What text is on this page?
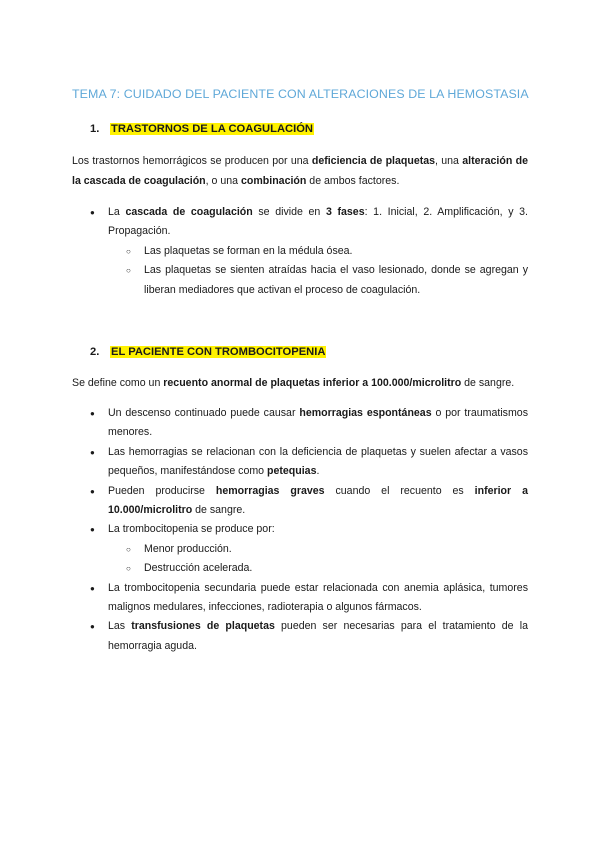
TEMA 7: CUIDADO DEL PACIENTE CON ALTERACIONES DE LA HEMOSTASIA
1.	TRASTORNOS DE LA COAGULACIÓN

Los trastornos hemorrágicos se producen por una deficiencia de plaquetas, una alteración de la cascada de coagulación, o una combinación de ambos factores.

● La cascada de coagulación se divide en 3 fases: 1. Inicial, 2. Amplificación, y 3. Propagación.
○ Las plaquetas se forman en la médula ósea.
○ Las plaquetas se sienten atraídas hacia el vaso lesionado, donde se agregan y liberan mediadores que activan el proceso de coagulación.
2.	EL PACIENTE CON TROMBOCITOPENIA

Se define como un recuento anormal de plaquetas inferior a 100.000/microlitro de sangre.

● Un descenso continuado puede causar hemorragias espontáneas o por traumatismos menores.
● Las hemorragias se relacionan con la deficiencia de plaquetas y suelen afectar a vasos pequeños, manifestándose como petequias.
● Pueden producirse hemorragias graves cuando el recuento es inferior a 10.000/microlitro de sangre.
● La trombocitopenia se produce por:
○ Menor producción.
○ Destrucción acelerada.
● La trombocitopenia secundaria puede estar relacionada con anemia aplásica, tumores malignos medulares, infecciones, radioterapia o algunos fármacos.
● Las transfusiones de plaquetas pueden ser necesarias para el tratamiento de la hemorragia aguda.
